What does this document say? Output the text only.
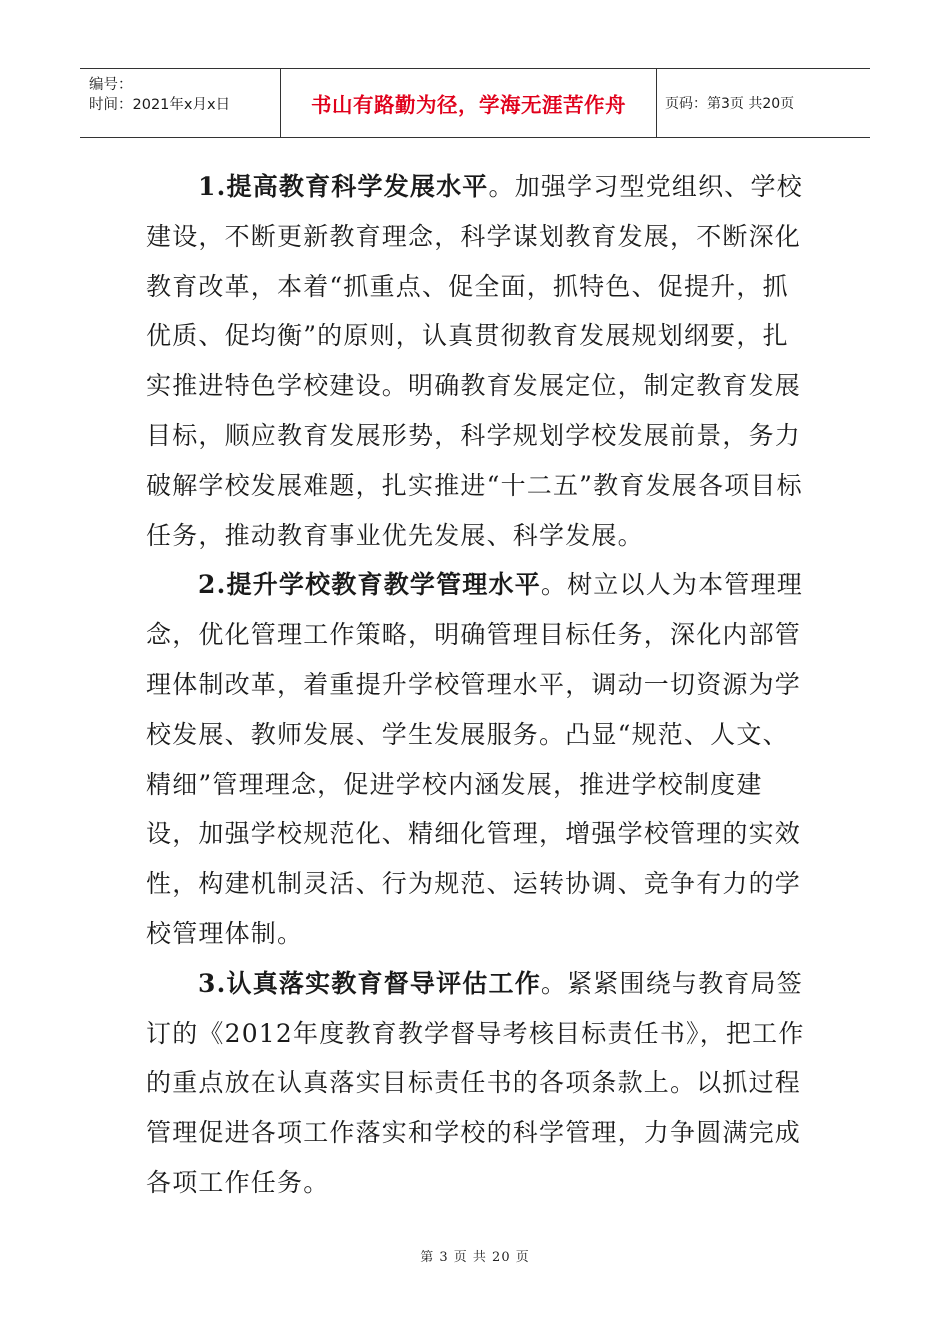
编号：
时间：2021年x月x日	书山有路勤为径，学海无涯苦作舟	页码：第3页 共20页

1.提高教育科学发展水平。加强学习型党组织、学校建设，不断更新教育理念，科学谋划教育发展，不断深化教育改革，本着“抓重点、促全面，抓特色、促提升，抓优质、促均衡”的原则，认真贯彻教育发展规划纲要，扎实推进特色学校建设。明确教育发展定位，制定教育发展目标，顺应教育发展形势，科学规划学校发展前景，务力破解学校发展难题，扎实推进“十二五”教育发展各项目标任务，推动教育事业优先发展、科学发展。

2.提升学校教育教学管理水平。树立以人为本管理理念，优化管理工作策略，明确管理目标任务，深化内部管理体制改革，着重提升学校管理水平，调动一切资源为学校发展、教师发展、学生发展服务。凸显“规范、人文、精细”管理理念，促进学校内涵发展，推进学校制度建设，加强学校规范化、精细化管理，增强学校管理的实效性，构建机制灵活、行为规范、运转协调、竞争有力的学校管理体制。

3.认真落实教育督导评估工作。紧紧围绕与教育局签订的《2012年度教育教学督导考核目标责任书》，把工作的重点放在认真落实目标责任书的各项条款上。以抓过程管理促进各项工作落实和学校的科学管理，力争圆满完成各项工作任务。

第 3 页 共 20 页
